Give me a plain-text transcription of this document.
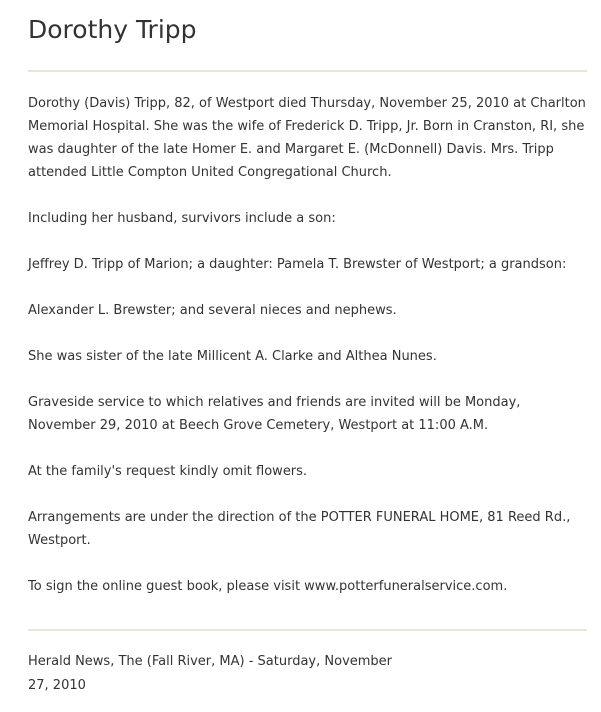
Dorothy Tripp

Dorothy (Davis) Tripp, 82, of Westport died Thursday, November 25, 2010 at Charlton Memorial Hospital. She was the wife of Frederick D. Tripp, Jr. Born in Cranston, RI, she was daughter of the late Homer E. and Margaret E. (McDonnell) Davis. Mrs. Tripp attended Little Compton United Congregational Church.

Including her husband, survivors include a son:

Jeffrey D. Tripp of Marion; a daughter: Pamela T. Brewster of Westport; a grandson:

Alexander L. Brewster; and several nieces and nephews.

She was sister of the late Millicent A. Clarke and Althea Nunes.

Graveside service to which relatives and friends are invited will be Monday, November 29, 2010 at Beech Grove Cemetery, Westport at 11:00 A.M.

At the family's request kindly omit flowers.

Arrangements are under the direction of the POTTER FUNERAL HOME, 81 Reed Rd., Westport.

To sign the online guest book, please visit www.potterfuneralservice.com.

Herald News, The (Fall River, MA) - Saturday, November
27, 2010
